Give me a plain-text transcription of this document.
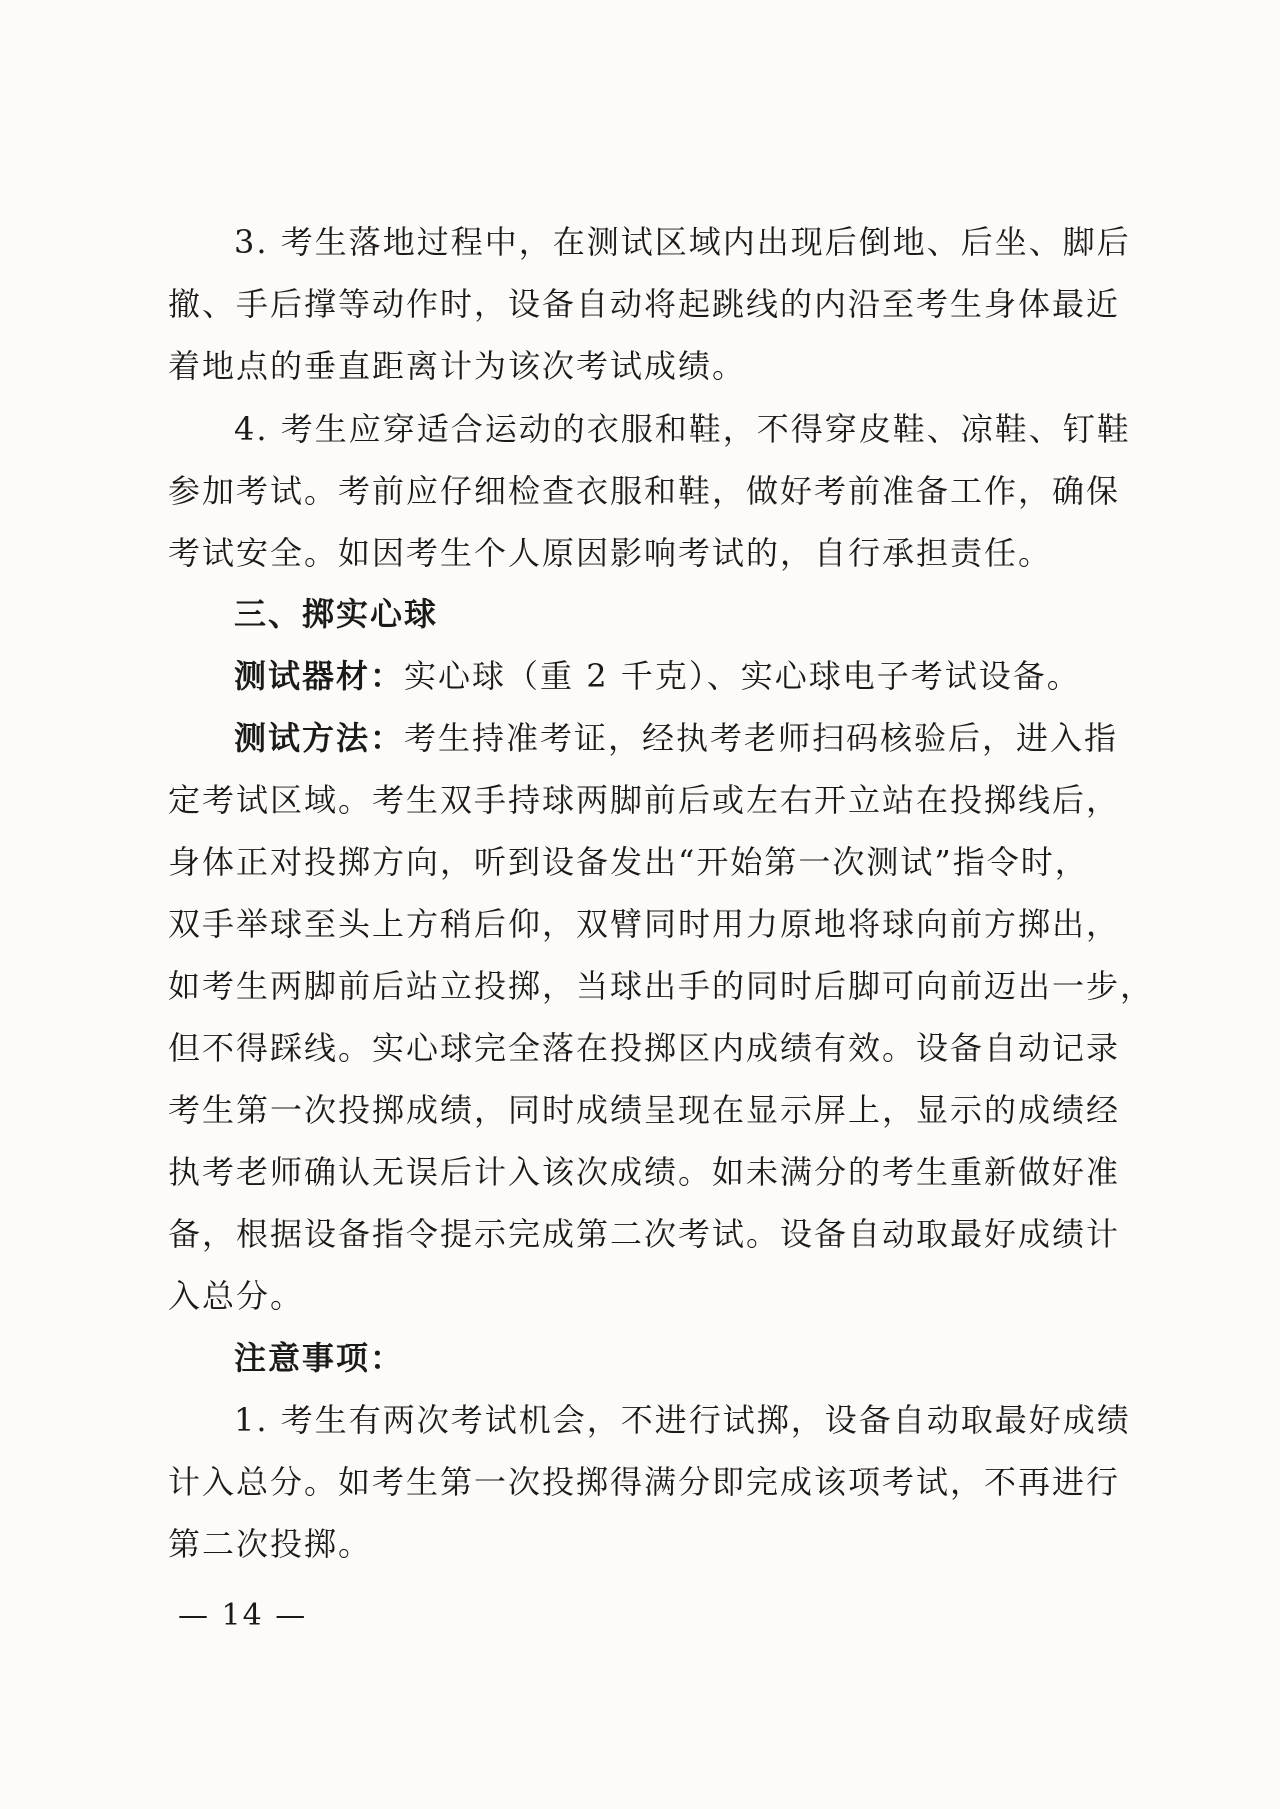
3. 考生落地过程中，在测试区域内出现后倒地、后坐、脚后
撤、手后撑等动作时，设备自动将起跳线的内沿至考生身体最近
着地点的垂直距离计为该次考试成绩。
4. 考生应穿适合运动的衣服和鞋，不得穿皮鞋、凉鞋、钉鞋
参加考试。考前应仔细检查衣服和鞋，做好考前准备工作，确保
考试安全。如因考生个人原因影响考试的，自行承担责任。
三、掷实心球
测试器材：实心球（重 2 千克）、实心球电子考试设备。
测试方法：考生持准考证，经执考老师扫码核验后，进入指
定考试区域。考生双手持球两脚前后或左右开立站在投掷线后，
身体正对投掷方向，听到设备发出“开始第一次测试”指令时，
双手举球至头上方稍后仰，双臂同时用力原地将球向前方掷出，
如考生两脚前后站立投掷，当球出手的同时后脚可向前迈出一步，
但不得踩线。实心球完全落在投掷区内成绩有效。设备自动记录
考生第一次投掷成绩，同时成绩呈现在显示屏上，显示的成绩经
执考老师确认无误后计入该次成绩。如未满分的考生重新做好准
备，根据设备指令提示完成第二次考试。设备自动取最好成绩计
入总分。
注意事项：
1. 考生有两次考试机会，不进行试掷，设备自动取最好成绩
计入总分。如考生第一次投掷得满分即完成该项考试，不再进行
第二次投掷。
— 14 —
